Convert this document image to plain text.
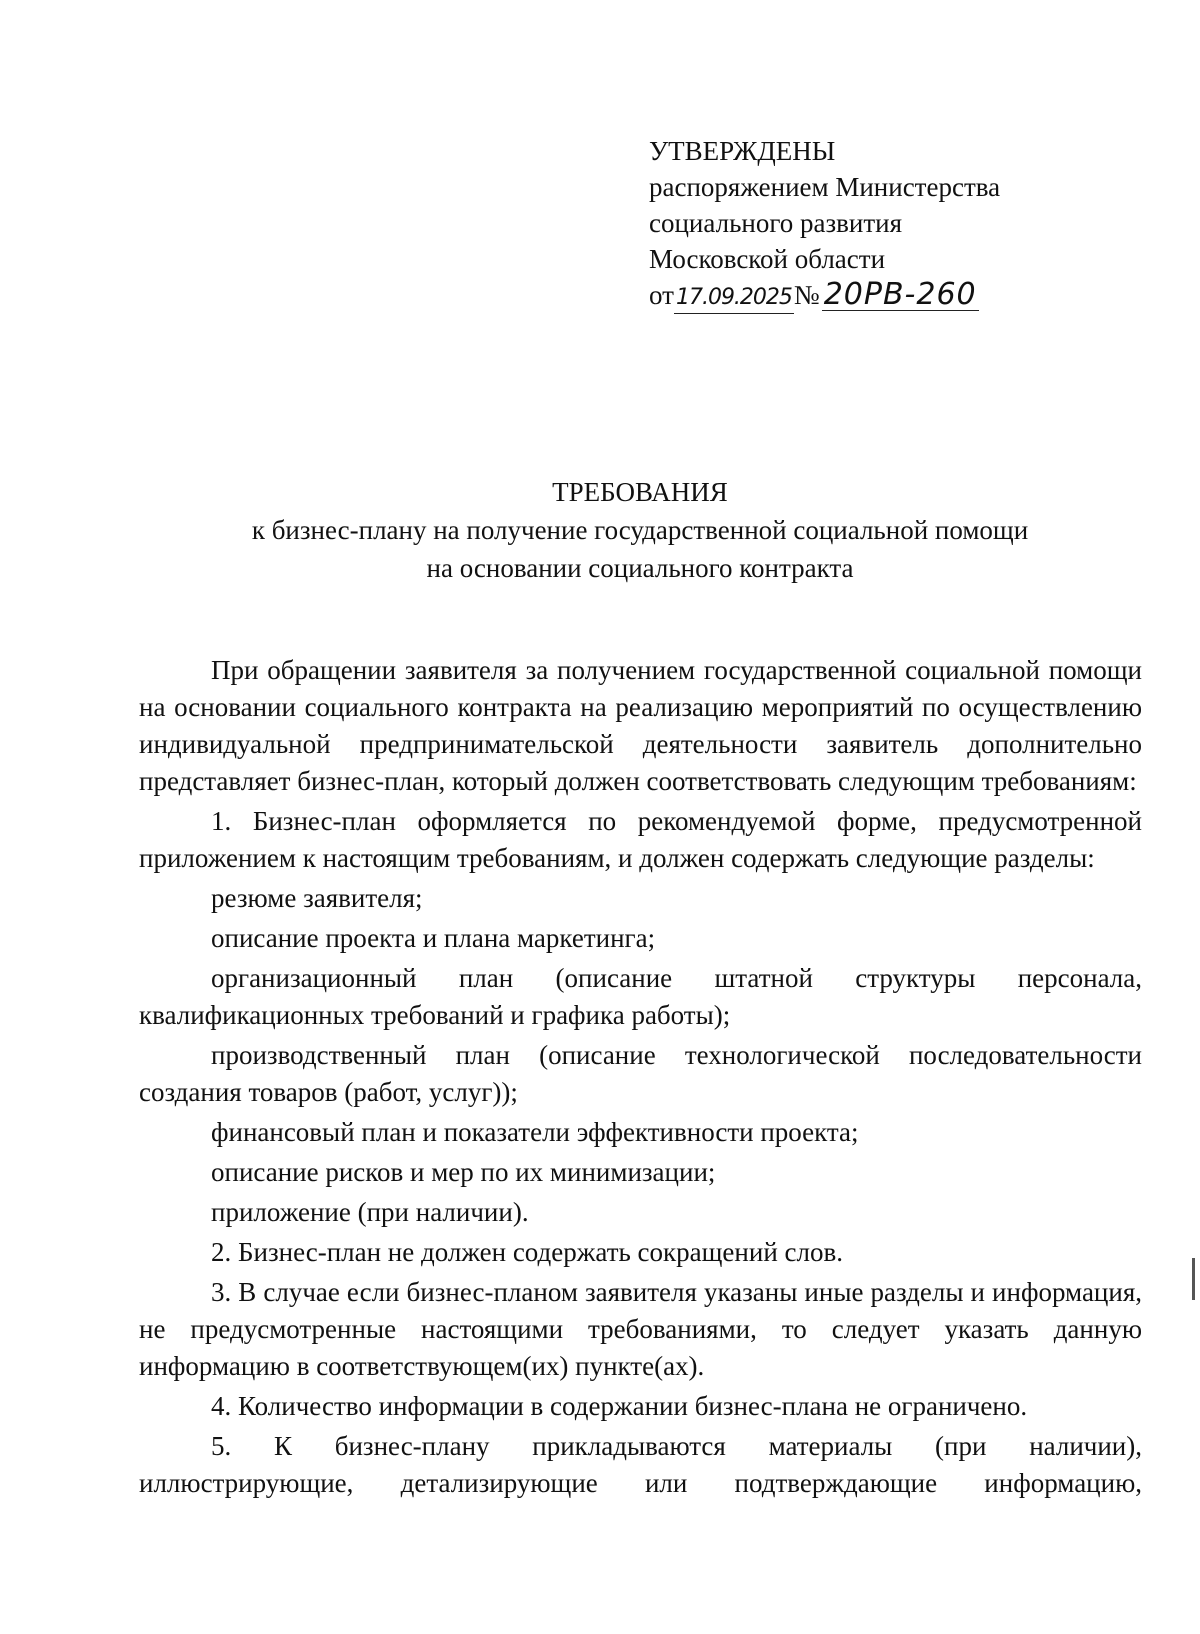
УТВЕРЖДЕНЫ
распоряжением Министерства
социального развития
Московской области
от17.09.2025№ 20РВ-260
ТРЕБОВАНИЯ
к бизнес-плану на получение государственной социальной помощи
на основании социального контракта

При обращении заявителя за получением государственной социальной помощи на основании социального контракта на реализацию мероприятий по осуществлению индивидуальной предпринимательской деятельности заявитель дополнительно представляет бизнес-план, который должен соответствовать следующим требованиям:

1. Бизнес-план оформляется по рекомендуемой форме, предусмотренной приложением к настоящим требованиям, и должен содержать следующие разделы:

резюме заявителя;

описание проекта и плана маркетинга;

организационный план (описание штатной структуры персонала, квалификационных требований и графика работы);

производственный план (описание технологической последовательности создания товаров (работ, услуг));

финансовый план и показатели эффективности проекта;

описание рисков и мер по их минимизации;

приложение (при наличии).

2. Бизнес-план не должен содержать сокращений слов.

3. В случае если бизнес-планом заявителя указаны иные разделы и информация, не предусмотренные настоящими требованиями, то следует указать данную информацию в соответствующем(их) пункте(ах).

4. Количество информации в содержании бизнес-плана не ограничено.

5. К бизнес-плану прикладываются материалы (при наличии), иллюстрирующие, детализирующие или подтверждающие информацию,
